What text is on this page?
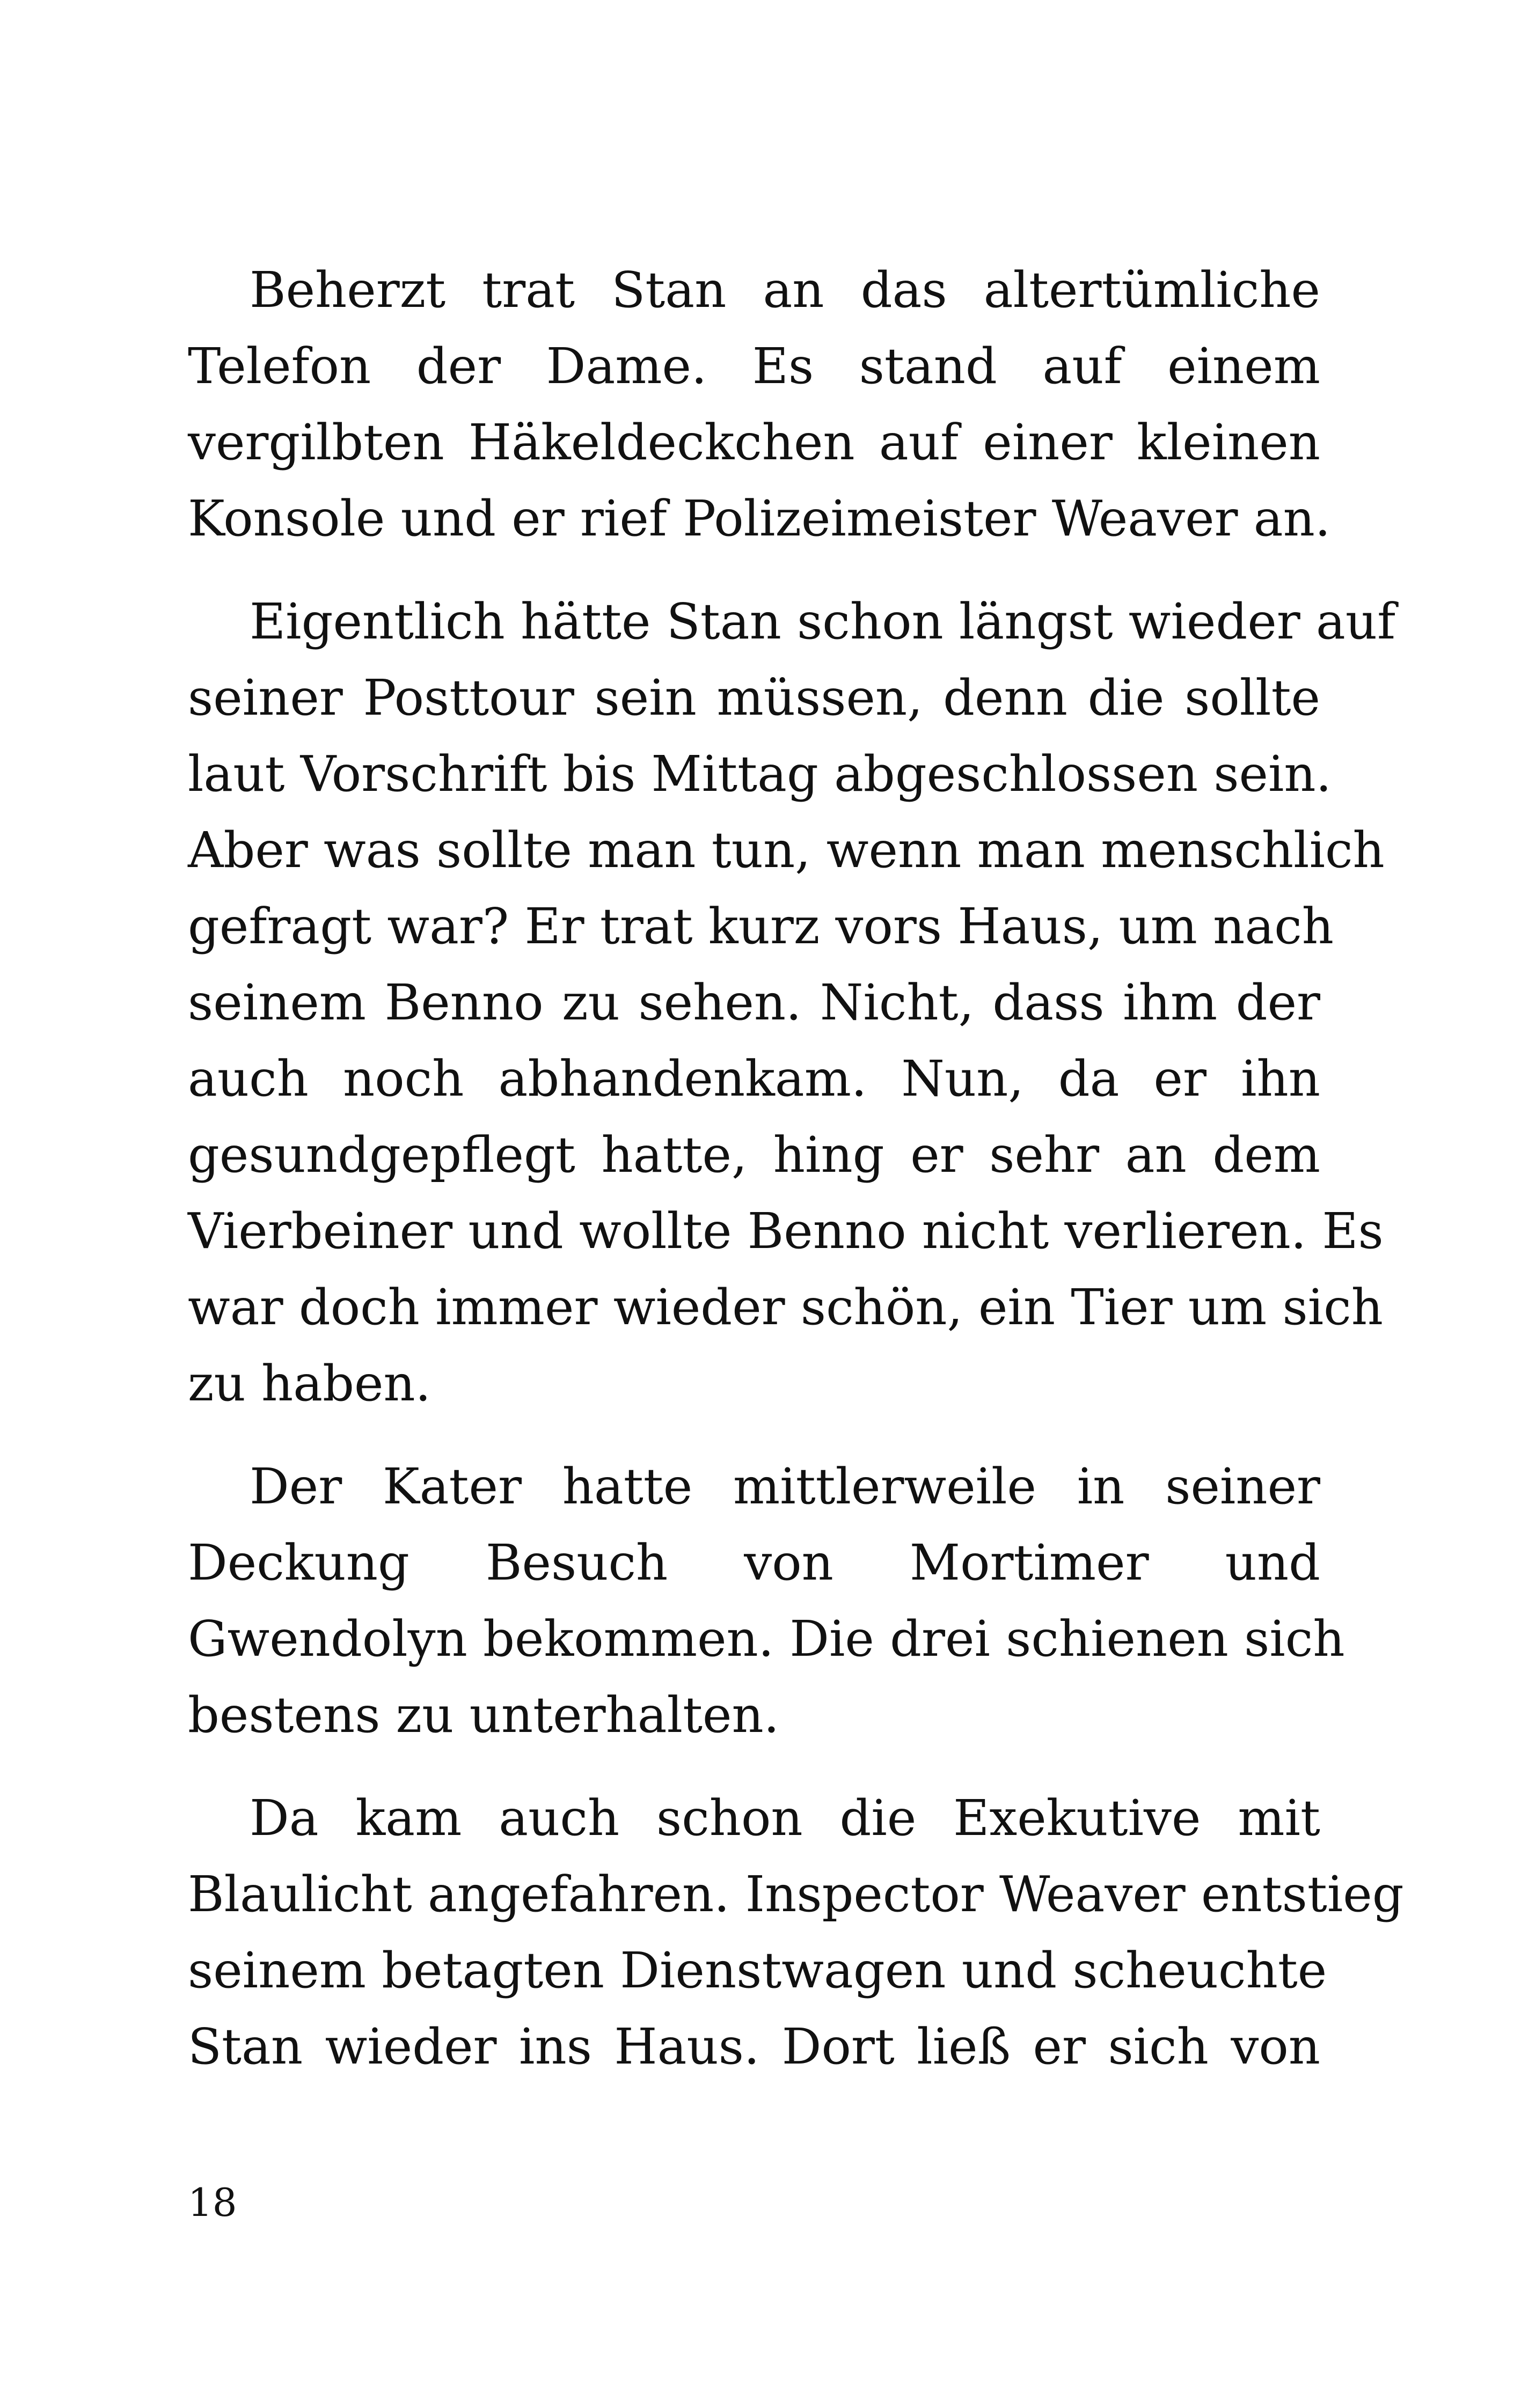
Beherzt trat Stan an das altertümliche
Telefon der Dame. Es stand auf einem
vergilbten Häkeldeckchen auf einer kleinen
Konsole und er rief Polizeimeister Weaver an.
Eigentlich hätte Stan schon längst wieder auf
seiner Posttour sein müssen, denn die sollte
laut Vorschrift bis Mittag abgeschlossen sein.
Aber was sollte man tun, wenn man menschlich
gefragt war? Er trat kurz vors Haus, um nach
seinem Benno zu sehen. Nicht, dass ihm der
auch noch abhandenkam. Nun, da er ihn
gesundgepflegt hatte, hing er sehr an dem
Vierbeiner und wollte Benno nicht verlieren. Es
war doch immer wieder schön, ein Tier um sich
zu haben.
Der Kater hatte mittlerweile in seiner
Deckung Besuch von Mortimer und
Gwendolyn bekommen. Die drei schienen sich
bestens zu unterhalten.
Da kam auch schon die Exekutive mit
Blaulicht angefahren. Inspector Weaver entstieg
seinem betagten Dienstwagen und scheuchte
Stan wieder ins Haus. Dort ließ er sich von
18
